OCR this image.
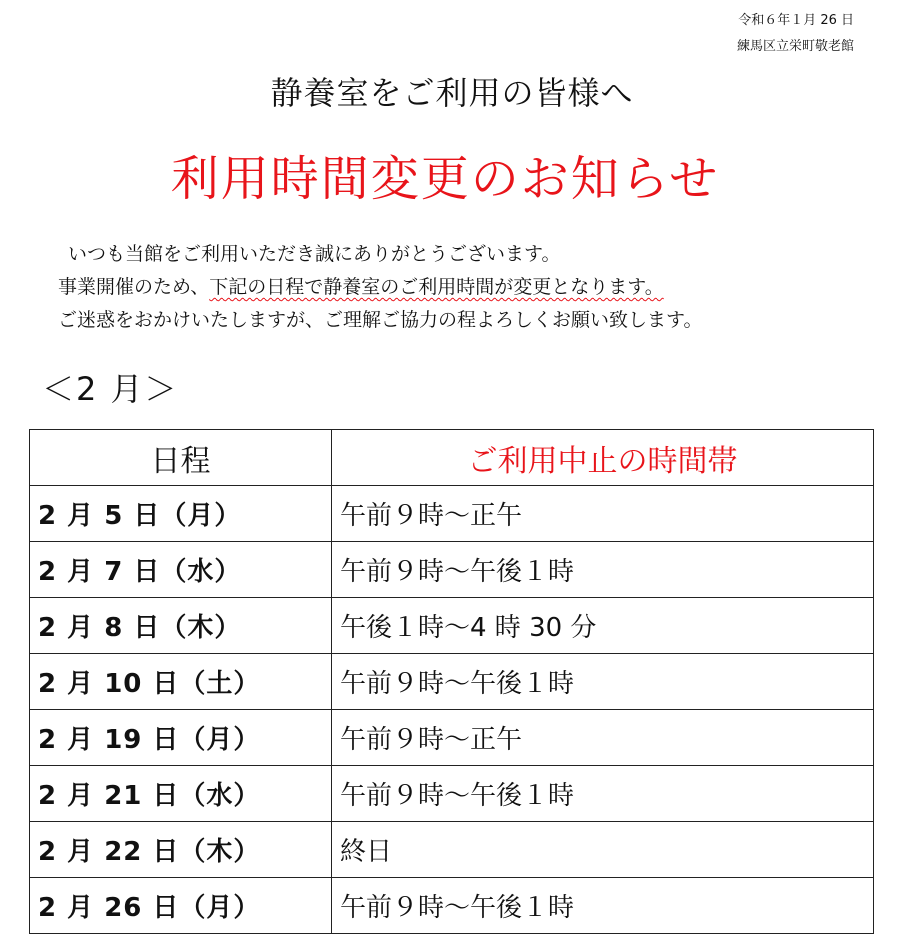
令和６年１月 26 日
練馬区立栄町敬老館
静養室をご利用の皆様へ
利用時間変更のお知らせ
いつも当館をご利用いただき誠にありがとうございます。
事業開催のため、下記の日程で静養室のご利用時間が変更となります。
ご迷惑をおかけいたしますが、ご理解ご協力の程よろしくお願い致します。
＜2 月＞
日程	ご利用中止の時間帯
2 月 5 日（月）	午前９時～正午
2 月 7 日（水）	午前９時～午後１時
2 月 8 日（木）	午後１時～4 時 30 分
2 月 10 日（土）	午前９時～午後１時
2 月 19 日（月）	午前９時～正午
2 月 21 日（水）	午前９時～午後１時
2 月 22 日（木）	終日
2 月 26 日（月）	午前９時～午後１時
